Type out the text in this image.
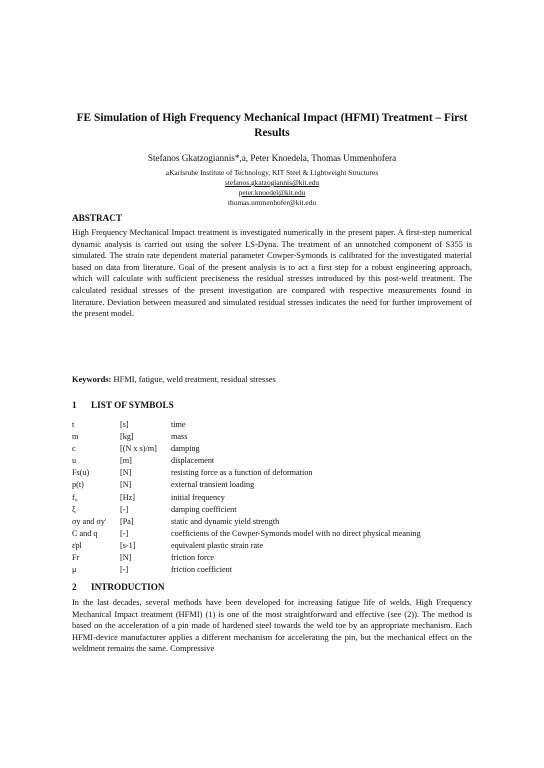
FE Simulation of High Frequency Mechanical Impact (HFMI) Treatment – First Results
Stefanos Gkatzogiannis*,a, Peter Knoedela, Thomas Ummenhofera
aKarlsruhe Institute of Technology, KIT Steel & Lightweight Structures
stefanos.gkatzogiannis@kit.edu
peter.knoedel@kit.edu
thomas.ummenhofer@kit.edu
ABSTRACT
High Frequency Mechanical Impact treatment is investigated numerically in the present paper. A first-step numerical dynamic analysis is carried out using the solver LS-Dyna. The treatment of an unnotched component of S355 is simulated. The strain rate dependent material parameter Cowper-Symonds is calibrated for the investigated material based on data from literature. Goal of the present analysis is to act a first step for a robust engineering approach, which will calculate with sufficient preciseness the residual stresses introduced by this post-weld treatment. The calculated residual stresses of the present investigation are compared with respective measurements found in literature. Deviation between measured and simulated residual stresses indicates the need for further improvement of the present model.
Keywords: HFMI, fatigue, weld treatment, residual stresses
1 LIST OF SYMBOLS
t	[s]	time
m	[kg]	mass
c	[(N x s)/m]	damping
u	[m]	displacement
Fs(u)	[N]	resisting force as a function of deformation
p(t)	[N]	external transient loading
f₀	[Hz]	initial frequency
ξ	[-]	damping coefficient
σy and σy'	[Pa]	static and dynamic yield strength
C and q	[-]	coefficients of the Cowper-Symonds model with no direct physical meaning
ε̇pl	[s-1]	equivalent plastic strain rate
Fr	[N]	friction force
μ	[-]	friction coefficient
2 INTRODUCTION
In the last decades, several methods have been developed for increasing fatigue life of welds. High Frequency Mechanical Impact treatment (HFMI) (1) is one of the most straightforward and effective (see (2)). The method is based on the acceleration of a pin made of hardened steel towards the weld toe by an appropriate mechanism. Each HFMI-device manufacturer applies a different mechanism for accelerating the pin, but the mechanical effect on the weldment remains the same. Compressive
